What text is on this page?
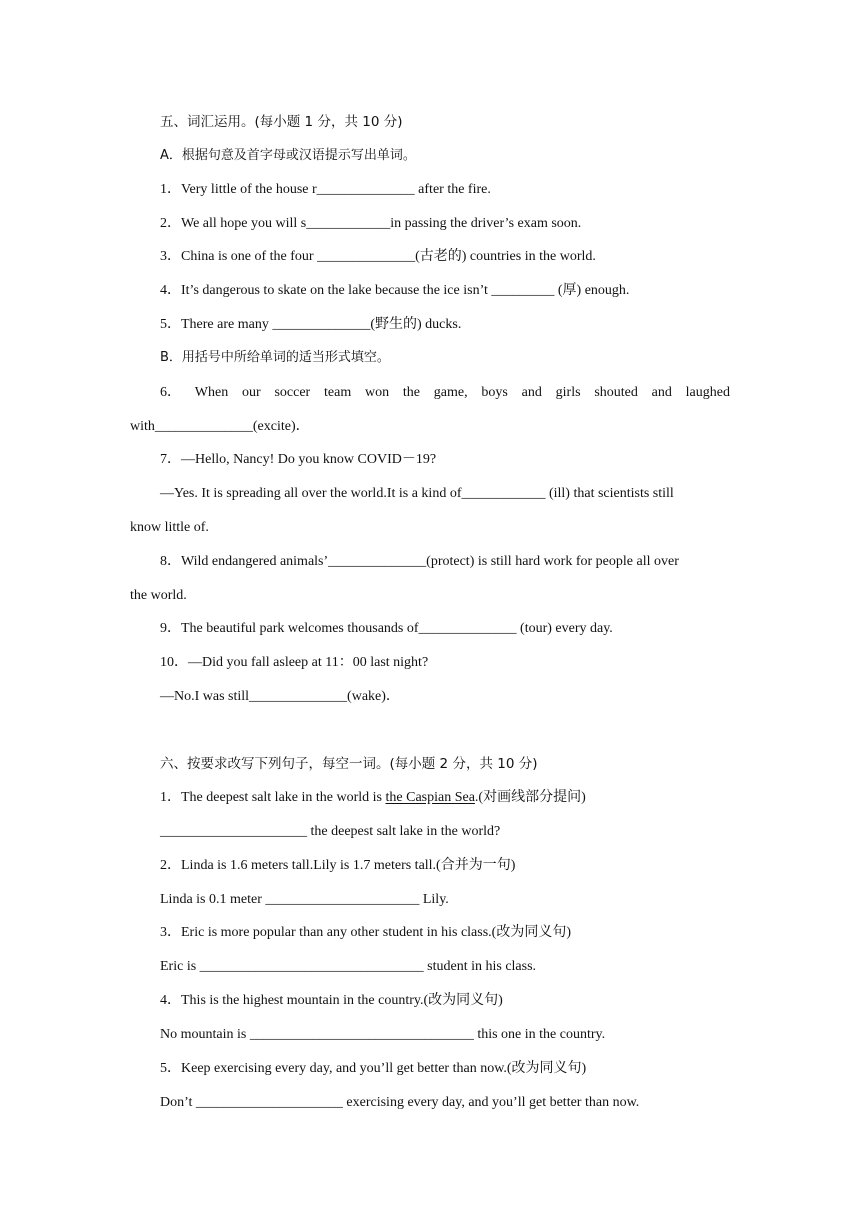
五、词汇运用。(每小题 1 分，共 10 分)
A．根据句意及首字母或汉语提示写出单词。
1．Very little of the house r______________ after the fire.
2．We all hope you will s____________in passing the driver’s exam soon.
3．China is one of the four ______________(古老的) countries in the world.
4．It’s dangerous to skate on the lake because the ice isn’t _________ (厚) enough.
5．There are many ______________(野生的) ducks.
B．用括号中所给单词的适当形式填空。
6． When our soccer team won the game, boys and girls shouted and laughed
with______________(excite)．
7．—Hello, Nancy! Do you know COVID－19?
—Yes. It is spreading all over the world.It is a kind of____________ (ill) that scientists still
know little of.
8．Wild endangered animals’______________(protect) is still hard work for people all over
the world.
9．The beautiful park welcomes thousands of______________ (tour) every day.
10．—Did you fall asleep at 11：00 last night?
—No.I was still______________(wake)．
六、按要求改写下列句子，每空一词。(每小题 2 分，共 10 分)
1．The deepest salt lake in the world is the Caspian Sea.(对画线部分提问)
_____________________ the deepest salt lake in the world?
2．Linda is 1.6 meters tall.Lily is 1.7 meters tall.(合并为一句)
Linda is 0.1 meter ______________________ Lily.
3．Eric is more popular than any other student in his class.(改为同义句)
Eric is ________________________________ student in his class.
4．This is the highest mountain in the country.(改为同义句)
No mountain is ________________________________ this one in the country.
5．Keep exercising every day, and you’ll get better than now.(改为同义句)
Don’t _____________________ exercising every day, and you’ll get better than now.
